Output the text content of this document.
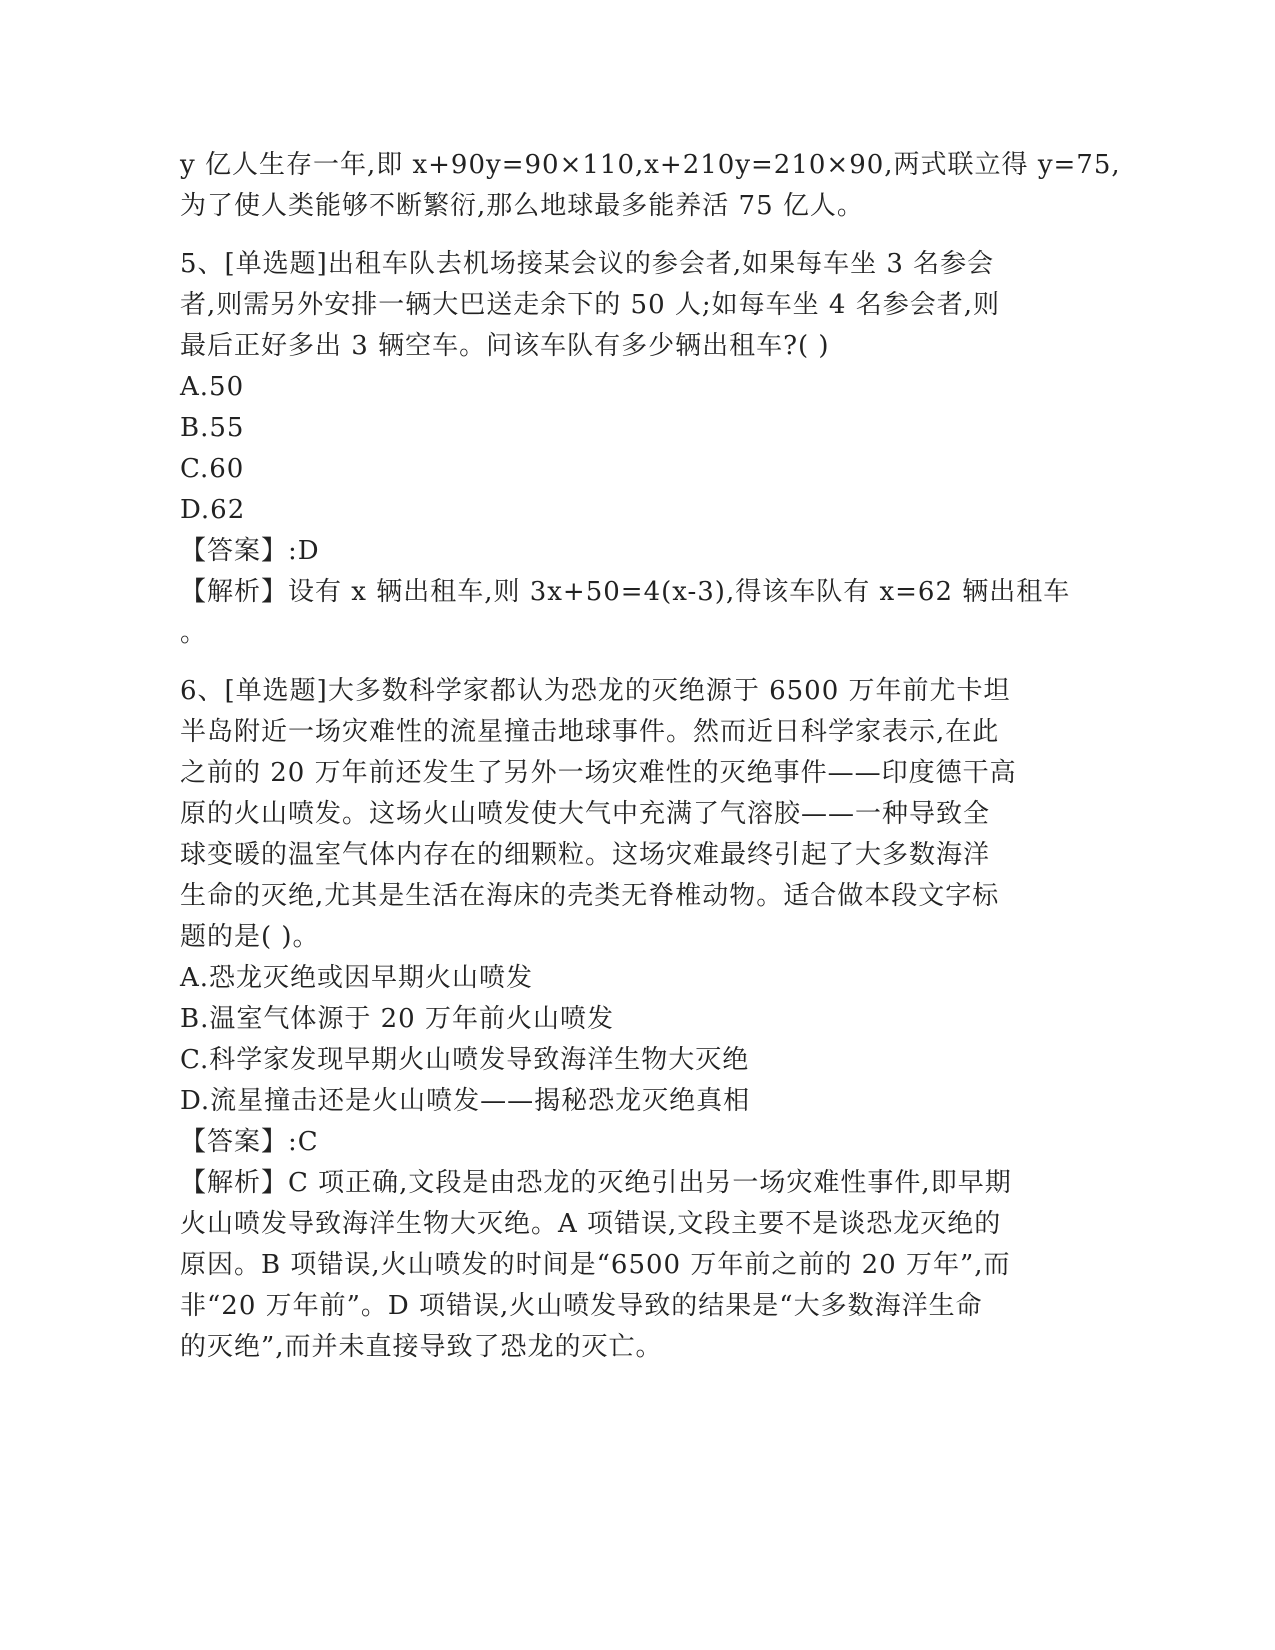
y 亿人生存一年,即 x+90y=90×110,x+210y=210×90,两式联立得 y=75,
为了使人类能够不断繁衍,那么地球最多能养活 75 亿人。
5、[单选题]出租车队去机场接某会议的参会者,如果每车坐 3 名参会
者,则需另外安排一辆大巴送走余下的 50 人;如每车坐 4 名参会者,则
最后正好多出 3 辆空车。问该车队有多少辆出租车?( )
A.50
B.55
C.60
D.62
【答案】:D
【解析】设有 x 辆出租车,则 3x+50=4(x-3),得该车队有 x=62 辆出租车
。
6、[单选题]大多数科学家都认为恐龙的灭绝源于 6500 万年前尤卡坦
半岛附近一场灾难性的流星撞击地球事件。然而近日科学家表示,在此
之前的 20 万年前还发生了另外一场灾难性的灭绝事件——印度德干高
原的火山喷发。这场火山喷发使大气中充满了气溶胶——一种导致全
球变暖的温室气体内存在的细颗粒。这场灾难最终引起了大多数海洋
生命的灭绝,尤其是生活在海床的壳类无脊椎动物。适合做本段文字标
题的是( )。
A.恐龙灭绝或因早期火山喷发
B.温室气体源于 20 万年前火山喷发
C.科学家发现早期火山喷发导致海洋生物大灭绝
D.流星撞击还是火山喷发——揭秘恐龙灭绝真相
【答案】:C
【解析】C 项正确,文段是由恐龙的灭绝引出另一场灾难性事件,即早期
火山喷发导致海洋生物大灭绝。A 项错误,文段主要不是谈恐龙灭绝的
原因。B 项错误,火山喷发的时间是“6500 万年前之前的 20 万年”,而
非“20 万年前”。D 项错误,火山喷发导致的结果是“大多数海洋生命
的灭绝”,而并未直接导致了恐龙的灭亡。
